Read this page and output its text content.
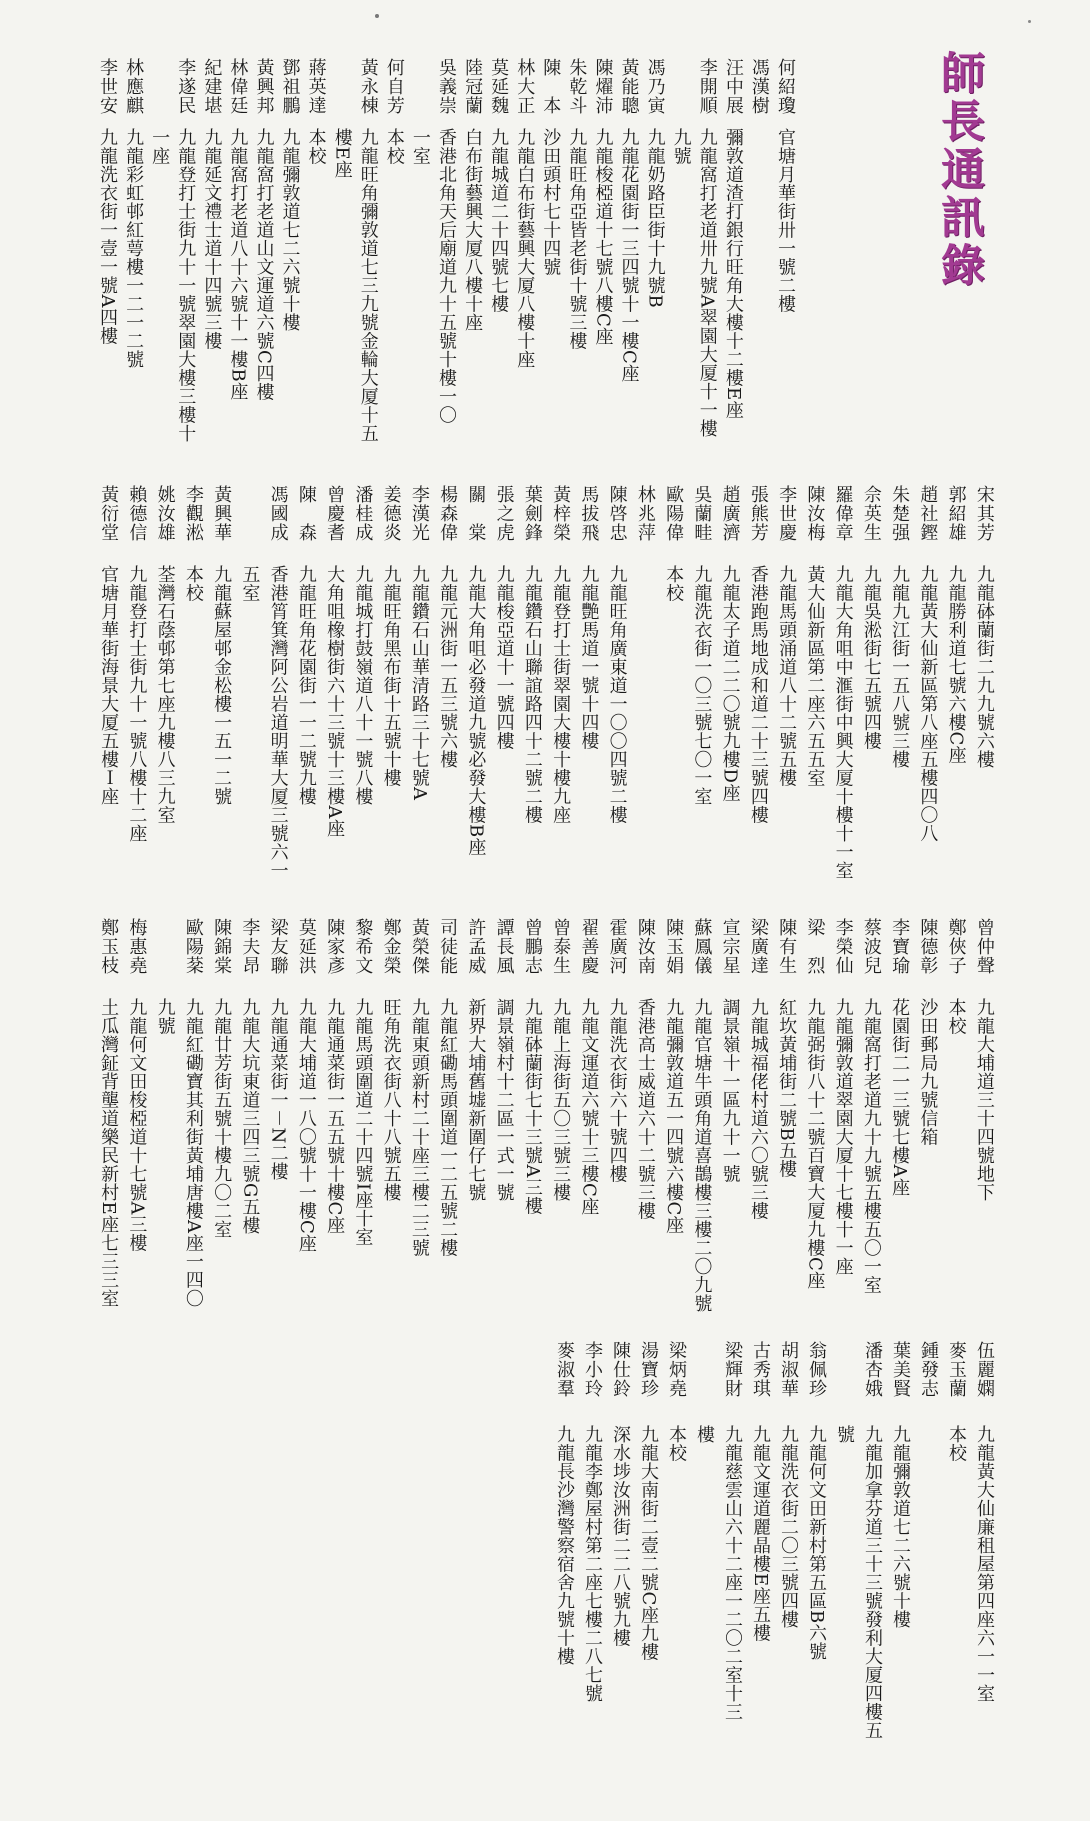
師長通訊錄
何紹瓊
官塘月華街卅一號二樓
馮漢樹
汪中展
彌敦道渣打銀行旺角大樓十二樓E座
李開順
九龍窩打老道卅九號A翠園大厦十一樓
九號
馮乃寅
九龍奶路臣街十九號B
黃能聰
九龍花園街一三四號十一樓C座
陳燿沛
九龍梭椏道十七號八樓C座
朱乾斗
九龍旺角亞皆老街十號三樓
陳　本
沙田頭村七十四號
林大正
九龍白布街藝興大厦八樓十座
莫延魏
九龍城道二十四號七樓
陸冠蘭
白布街藝興大厦八樓十座
吳義崇
香港北角天后廟道九十五號十樓一〇
一室
何自芳
本校
黃永棟
九龍旺角彌敦道七三九號金輪大厦十五
樓E座
蔣英達
本校
鄧祖鵬
九龍彌敦道七二六號十樓
黃興邦
九龍窩打老道山文運道六號C四樓
林偉廷
九龍窩打老道八十六號十一樓B座
紀建堪
九龍延文禮士道十四號三樓
李遂民
九龍登打士街九十一號翠園大樓三樓十
一座
林應麒
九龍彩虹邨紅萼樓一二一二號
李世安
九龍洗衣街一壹一號A四樓
宋其芳
九龍砵蘭街二九九號六樓
郭紹雄
九龍勝利道七號六樓C座
趙社鏗
九龍黃大仙新區第八座五樓四〇八
朱楚强
九龍九江街一五八號三樓
佘英生
九龍吳淞街七五號四樓
羅偉章
九龍大角咀中滙街中興大厦十樓十一室
陳汝梅
黃大仙新區第二座六五五室
李世慶
九龍馬頭涌道八十二號五樓
張熊芳
香港跑馬地成和道二十三號四樓
趙廣濟
九龍太子道二二〇號九樓D座
吳蘭畦
九龍洗衣街一〇三號七〇一室
歐陽偉
本校
林兆萍
陳啓忠
九龍旺角廣東道一〇〇四號二樓
馬拔飛
九龍艷馬道一號十四樓
黃梓榮
九龍登打士街翠園大樓十樓九座
葉劍鋒
九龍鑽石山聯誼路四十二號二樓
張之虎
九龍梭亞道十一號四樓
關　棠
九龍大角咀必發道九號必發大樓B座
楊森偉
九龍元洲街一五三號六樓
李漢光
九龍鑽石山華清路三十七號A
姜德炎
九龍旺角黑布街十五號十樓
潘桂成
九龍城打鼓嶺道八十一號八樓
曾慶耆
大角咀橡樹街六十三號十三樓A座
陳　森
九龍旺角花園街一一二號九樓
馮國成
香港筲箕灣阿公岩道明華大厦三號六一
五室
黃興華
九龍蘇屋邨金松樓一五一二號
李觀淞
本校
姚汝雄
荃灣石蔭邨第七座九樓八三九室
賴德信
九龍登打士街九十一號八樓十二座
黃衍堂
官塘月華街海景大厦五樓Ｉ座
曾仲聲
九龍大埔道三十四號地下
鄭俠子
本校
陳德彰
沙田郵局九號信箱
李寶瑜
花園街二一三號七樓A座
蔡波兒
九龍窩打老道九十九號五樓五〇一室
李榮仙
九龍彌敦道翠園大厦十七樓十一座
梁　烈
九龍弼街八十二號百寶大厦九樓C座
陳有生
紅坎黃埔街二號B五樓
梁廣達
九龍城福佬村道六〇號三樓
宣宗星
調景嶺十一區九十一號
蘇鳳儀
九龍官塘牛頭角道喜鵲樓三樓二〇九號
陳玉娟
九龍彌敦道五一四號六樓C座
陳汝南
香港高士威道六十二號三樓
霍廣河
九龍洗衣街六十號四樓
翟善慶
九龍文運道六號十三樓C座
曾泰生
九龍上海街五〇三號三樓
曾鵬志
九龍砵蘭街七十三號A三樓
譚長風
調景嶺村十二區一式一號
許孟威
新界大埔舊墟新圍仔七號
司徒能
九龍紅磡馬頭圍道一二五號二樓
黃榮傑
九龍東頭新村二十座三樓二三號
鄭金榮
旺角洗衣街八十八號五樓
黎希文
九龍馬頭圍道二十四號I座十室
陳家彥
九龍通菜街一五五號十樓C座
莫延洪
九龍大埔道一八〇號十一樓C座
梁友聯
九龍通菜街一－N二樓
李夫昂
九龍大坑東道三四三號G五樓
陳錦棠
九龍廿芳街五號十樓九〇二室
歐陽棻
九龍紅磡寶其利街黃埔唐樓A座一四〇
九號
梅惠堯
九龍何文田梭椏道十七號A三樓
鄭玉枝
土瓜灣鉦背壟道樂民新村E座七三三室
伍麗嫻
九龍黃大仙廉租屋第四座六一一室
麥玉蘭
本校
鍾發志
葉美賢
九龍彌敦道七二六號十樓
潘杏娥
九龍加拿芬道三十三號發利大厦四樓五
號
翁佩珍
九龍何文田新村第五區B六號
胡淑華
九龍洗衣街二〇三號四樓
古秀琪
九龍文運道麗晶樓E座五樓
梁輝財
九龍慈雲山六十二座一二〇二室十三
樓
梁炳堯
本校
湯寶珍
九龍大南街二壹二號C座九樓
陳仕鈴
深水埗汝洲街二二八號九樓
李小玲
九龍李鄭屋村第二座七樓二八七號
麥淑羣
九龍長沙灣警察宿舍九號十樓
